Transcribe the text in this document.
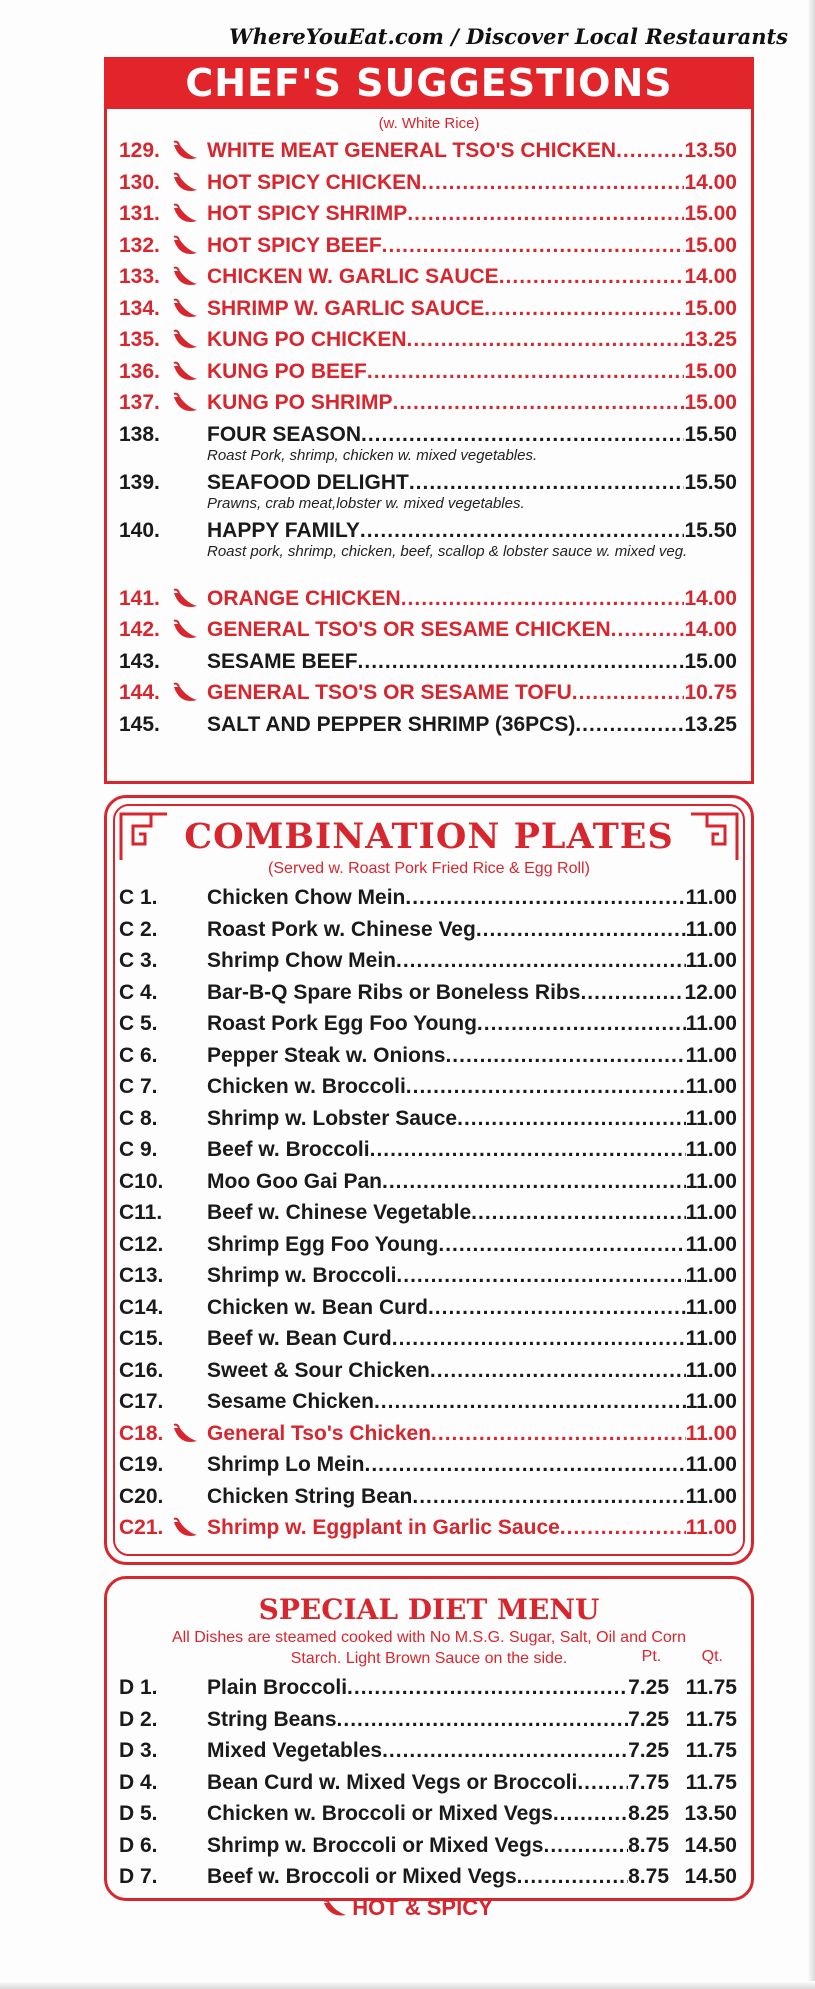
WhereYouEat.com / Discover Local Restaurants
CHEF'S SUGGESTIONS
(w. White Rice)
129. WHITE MEAT GENERAL TSO'S CHICKEN .....	13.50
130. HOT SPICY CHICKEN .....	14.00
131. HOT SPICY SHRIMP .....	15.00
132. HOT SPICY BEEF .....	15.00
133. CHICKEN W. GARLIC SAUCE .....	14.00
134. SHRIMP W. GARLIC SAUCE .....	15.00
135. KUNG PO CHICKEN .....	13.25
136. KUNG PO BEEF .....	15.00
137. KUNG PO SHRIMP .....	15.00
138. FOUR SEASON .....	15.50
Roast Pork, shrimp, chicken w. mixed vegetables.
139. SEAFOOD DELIGHT .....	15.50
Prawns, crab meat,lobster w. mixed vegetables.
140. HAPPY FAMILY .....	15.50
Roast pork, shrimp, chicken, beef, scallop & lobster sauce w. mixed veg.
141. ORANGE CHICKEN .....	14.00
142. GENERAL TSO'S OR SESAME CHICKEN .....	14.00
143. SESAME BEEF .....	15.00
144. GENERAL TSO'S OR SESAME TOFU .....	10.75
145. SALT AND PEPPER SHRIMP (36PCS) .....	13.25
COMBINATION PLATES
(Served w. Roast Pork Fried Rice & Egg Roll)
C 1. Chicken Chow Mein .....	11.00
C 2. Roast Pork w. Chinese Veg .....	11.00
C 3. Shrimp Chow Mein .....	11.00
C 4. Bar-B-Q Spare Ribs or Boneless Ribs .....	12.00
C 5. Roast Pork Egg Foo Young .....	11.00
C 6. Pepper Steak w. Onions .....	11.00
C 7. Chicken w. Broccoli .....	11.00
C 8. Shrimp w. Lobster Sauce .....	11.00
C 9. Beef w. Broccoli .....	11.00
C10. Moo Goo Gai Pan .....	11.00
C11. Beef w. Chinese Vegetable .....	11.00
C12. Shrimp Egg Foo Young .....	11.00
C13. Shrimp w. Broccoli .....	11.00
C14. Chicken w. Bean Curd .....	11.00
C15. Beef w. Bean Curd .....	11.00
C16. Sweet & Sour Chicken .....	11.00
C17. Sesame Chicken .....	11.00
C18. General Tso's Chicken .....	11.00
C19. Shrimp Lo Mein .....	11.00
C20. Chicken String Bean .....	11.00
C21. Shrimp w. Eggplant in Garlic Sauce .....	11.00
SPECIAL DIET MENU
All Dishes are steamed cooked with No M.S.G. Sugar, Salt, Oil and Corn Starch. Light Brown Sauce on the side.	Pt.	Qt.
D 1. Plain Broccoli .....	7.25 11.75
D 2. String Beans .....	7.25 11.75
D 3. Mixed Vegetables .....	7.25 11.75
D 4. Bean Curd w. Mixed Vegs or Broccoli ..... 7.75 11.75
D 5. Chicken w. Broccoli or Mixed Vegs .....	8.25 13.50
D 6. Shrimp w. Broccoli or Mixed Vegs .....	8.75 14.50
D 7. Beef w. Broccoli or Mixed Vegs .....	8.75 14.50
HOT & SPICY
